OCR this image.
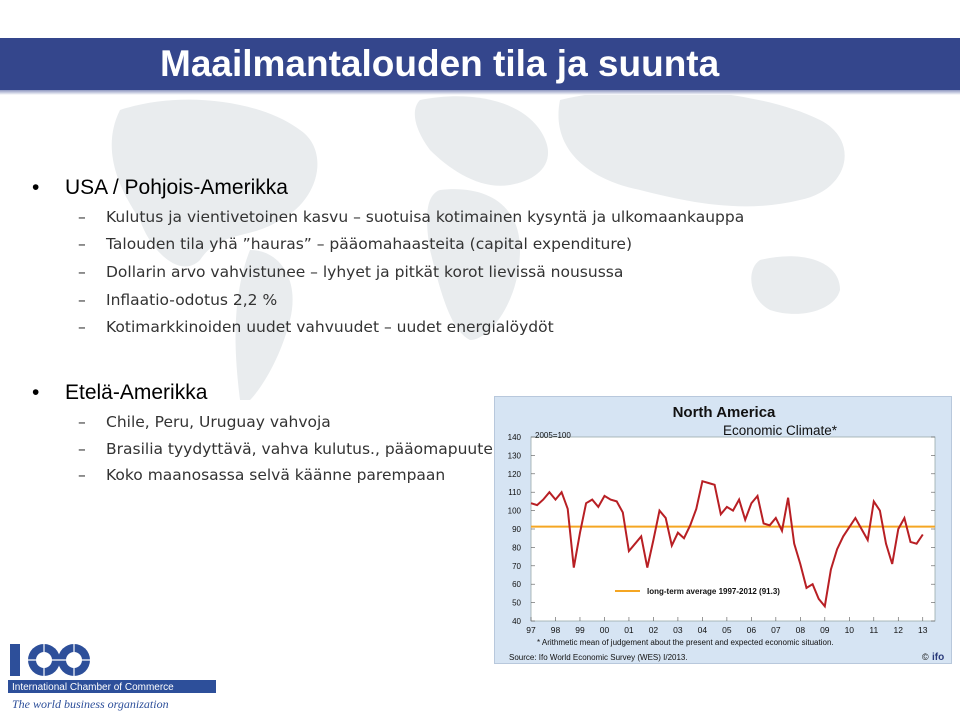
Maailmantalouden tila ja suunta
• USA / Pohjois-Amerikka
– Kulutus ja vientivetoinen kasvu – suotuisa kotimainen kysyntä ja ulkomaankauppa
– Talouden tila yhä ”hauras” – pääomahaasteita (capital expenditure)
– Dollarin arvo vahvistunee – lyhyet ja pitkät korot lievissä nousussa
– Inflaatio-odotus 2,2 %
– Kotimarkkinoiden uudet vahvuudet – uudet energialöydöt
• Etelä-Amerikka
– Chile, Peru, Uruguay vahvoja
– Brasilia tyydyttävä, vahva kulutus., pääomapuute
– Koko maanosassa selvä käänne parempaan
40
50
60
70
80
90
100
110
120
130
140
97 98 99 00 01 02 03 04 05 06 07 08 09 10 11 12 13
North America
Economic Climate*
2005=100
long-term average 1997-2012 (91.3)
* Arithmetic mean of judgement about the present and expected economic situation.
Source: Ifo World Economic Survey (WES) I/2013.	© ifo
International Chamber of Commerce
The world business organization
